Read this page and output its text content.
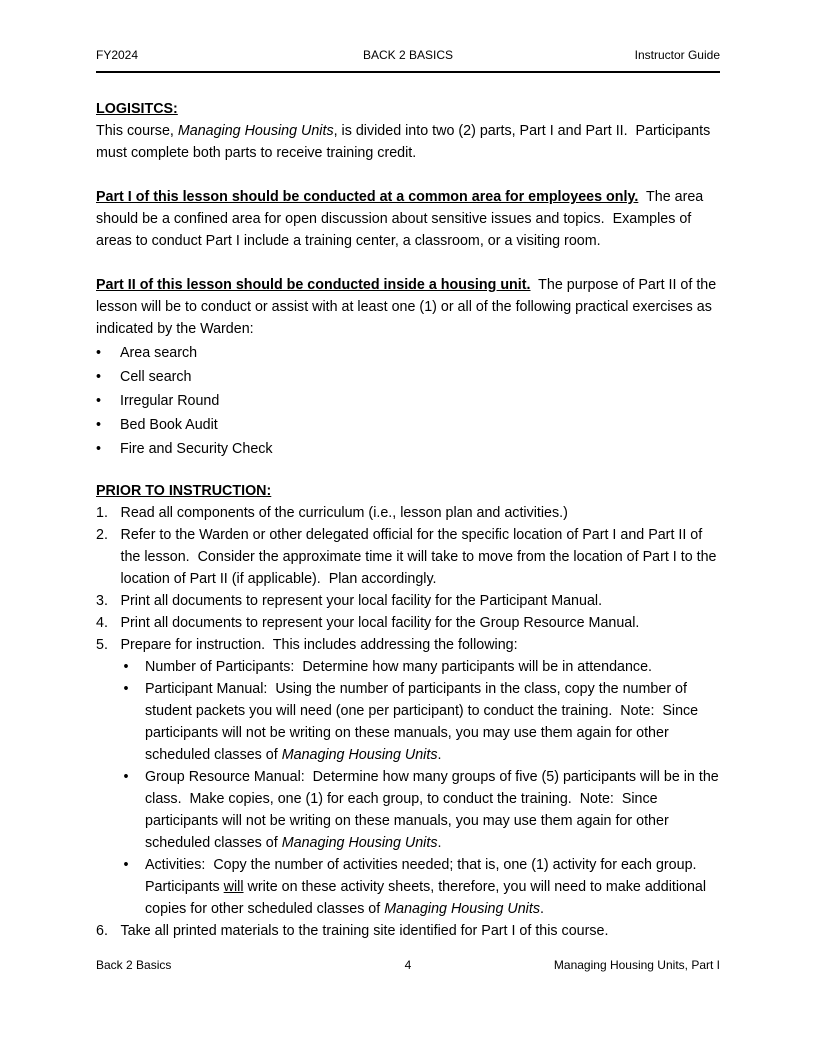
FY2024	BACK 2 BASICS	Instructor Guide
LOGISITCS:
This course, Managing Housing Units, is divided into two (2) parts, Part I and Part II.  Participants must complete both parts to receive training credit.
Part I of this lesson should be conducted at a common area for employees only.  The area should be a confined area for open discussion about sensitive issues and topics.  Examples of areas to conduct Part I include a training center, a classroom, or a visiting room.
Part II of this lesson should be conducted inside a housing unit.  The purpose of Part II of the lesson will be to conduct or assist with at least one (1) or all of the following practical exercises as indicated by the Warden:
•	Area search
•	Cell search
•	Irregular Round
•	Bed Book Audit
•	Fire and Security Check
PRIOR TO INSTRUCTION:
1. Read all components of the curriculum (i.e., lesson plan and activities.)
2. Refer to the Warden or other delegated official for the specific location of Part I and Part II of the lesson.  Consider the approximate time it will take to move from the location of Part I to the location of Part II (if applicable).  Plan accordingly.
3. Print all documents to represent your local facility for the Participant Manual.
4. Print all documents to represent your local facility for the Group Resource Manual.
5. Prepare for instruction.  This includes addressing the following:
•	Number of Participants:  Determine how many participants will be in attendance.
•	Participant Manual:  Using the number of participants in the class, copy the number of student packets you will need (one per participant) to conduct the training.  Note:  Since participants will not be writing on these manuals, you may use them again for other scheduled classes of Managing Housing Units.
•	Group Resource Manual:  Determine how many groups of five (5) participants will be in the class.  Make copies, one (1) for each group, to conduct the training.  Note:  Since participants will not be writing on these manuals, you may use them again for other scheduled classes of Managing Housing Units.
•	Activities:  Copy the number of activities needed; that is, one (1) activity for each group.  Participants will write on these activity sheets, therefore, you will need to make additional copies for other scheduled classes of Managing Housing Units.
6. Take all printed materials to the training site identified for Part I of this course.
Back 2 Basics	4	Managing Housing Units, Part I
